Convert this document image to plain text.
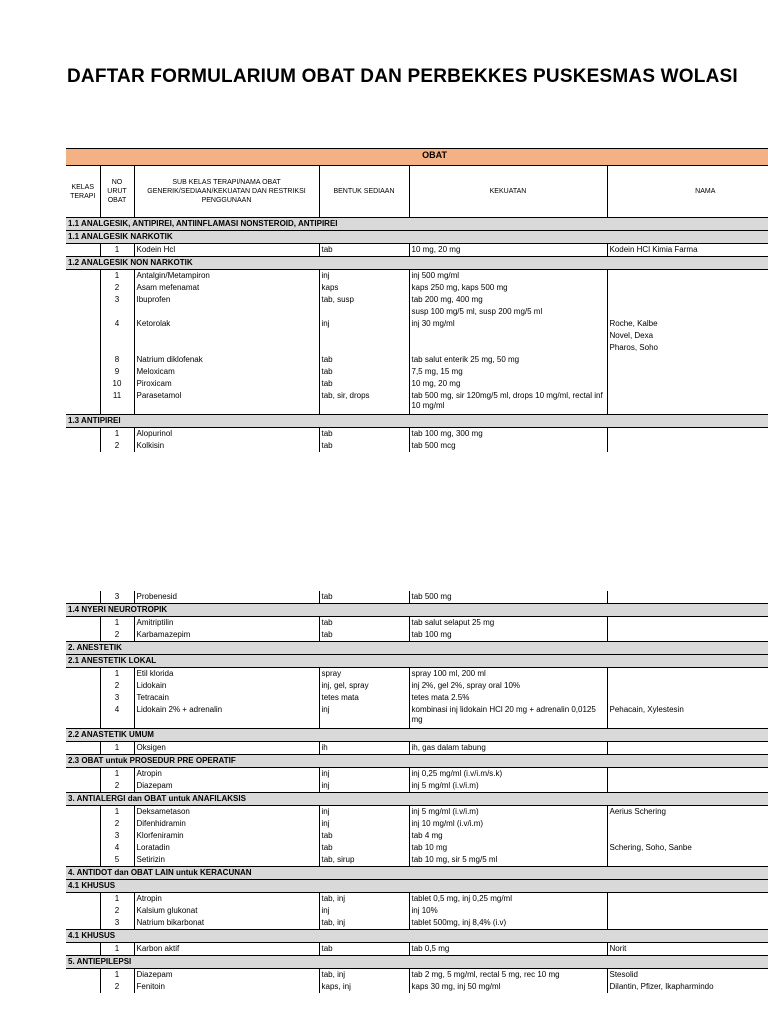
DAFTAR FORMULARIUM OBAT DAN PERBEKKES PUSKESMAS WOLASI
OBAT					
KELAS TERAPI	NO URUT OBAT	SUB KELAS TERAPI/NAMA OBAT GENERIK/SEDIAAN/KEKUATAN DAN RESTRIKSI PENGGUNAAN	BENTUK SEDIAAN	KEKUATAN	NAMA
1.1 ANALGESIK, ANTIPIREI, ANTIINFLAMASI NONSTEROID, ANTIPIREI					
1.1 ANALGESIK NARKOTIK					
	1	Kodein Hcl	tab	10 mg, 20 mg	Kodein HCl Kimia Farma
1.2 ANALGESIK NON NARKOTIK					
	1	Antalgin/Metampiron	inj	inj 500 mg/ml	
	2	Asam mefenamat	kaps	kaps 250 mg, kaps 500 mg	
	3	Ibuprofen	tab, susp	tab 200 mg, 400 mg	
				susp 100 mg/5 ml, susp 200 mg/5 ml	
	4	Ketorolak	inj	inj 30 mg/ml	Roche, Kalbe
					Novel, Dexa
					Pharos, Soho
	8	Natrium diklofenak	tab	tab salut enterik 25 mg, 50 mg	
	9	Meloxicam	tab	7,5 mg, 15 mg	
	10	Piroxicam	tab	10 mg, 20 mg	
	11	Parasetamol	tab, sir, drops	tab 500 mg, sir 120mg/5 ml, drops 10 mg/ml, rectal inf 10 mg/ml	
1.3 ANTIPIREI					
	1	Alopurinol	tab	tab 100 mg, 300 mg	
	2	Kolkisin	tab	tab 500 mcg	
	3	Probenesid	tab	tab 500 mg	
1.4 NYERI NEUROTROPIK					
	1	Amitriptilin	tab	tab salut selaput 25 mg	
	2	Karbamazepim	tab	tab 100 mg	
2. ANESTETIK					
2.1 ANESTETIK LOKAL					
	1	Etil klorida	spray	spray 100 ml, 200 ml	
	2	Lidokain	inj, gel, spray	inj 2%, gel 2%, spray oral 10%	
	3	Tetracain	tetes mata	tetes mata 2.5%	
	4	Lidokain 2% + adrenalin	inj	kombinasi inj lidokain HCl 20 mg + adrenalin 0,0125 mg	Pehacain, Xylestesin
2.2 ANASTETIK UMUM					
	1	Oksigen	ih	ih, gas dalam tabung	
2.3 OBAT untuk PROSEDUR PRE OPERATIF					
	1	Atropin	inj	inj 0,25 mg/ml (i.v/i.m/s.k)	
	2	Diazepam	inj	inj 5 mg/ml (i.v/i.m)	
3. ANTIALERGI dan OBAT untuk ANAFILAKSIS					
	1	Deksametason	inj	inj 5 mg/ml (i.v/i.m)	Aerius Schering
	2	Difenhidramin	inj	inj 10 mg/ml (i.v/i.m)	
	3	Klorfeniramin	tab	tab 4 mg	
	4	Loratadin	tab	tab 10 mg	Schering, Soho, Sanbe
	5	Setirizin	tab, sirup	tab 10 mg, sir 5 mg/5 ml	
4. ANTIDOT dan OBAT LAIN untuk KERACUNAN					
4.1 KHUSUS					
	1	Atropin	tab, inj	tablet 0,5 mg, inj 0,25 mg/ml	
	2	Kalsium glukonat	inj	inj 10%	
	3	Natrium bikarbonat	tab, inj	tablet 500mg, inj 8,4% (i.v)	
4.1 KHUSUS					
	1	Karbon aktif	tab	tab 0,5 mg	Norit
5. ANTIEPILEPSI					
	1	Diazepam	tab, inj	tab 2 mg, 5 mg/ml, rectal 5 mg, rec 10 mg	Stesolid
	2	Fenitoin	kaps, inj	kaps 30 mg, inj 50 mg/ml	Dilantin, Pfizer, Ikapharmindo
